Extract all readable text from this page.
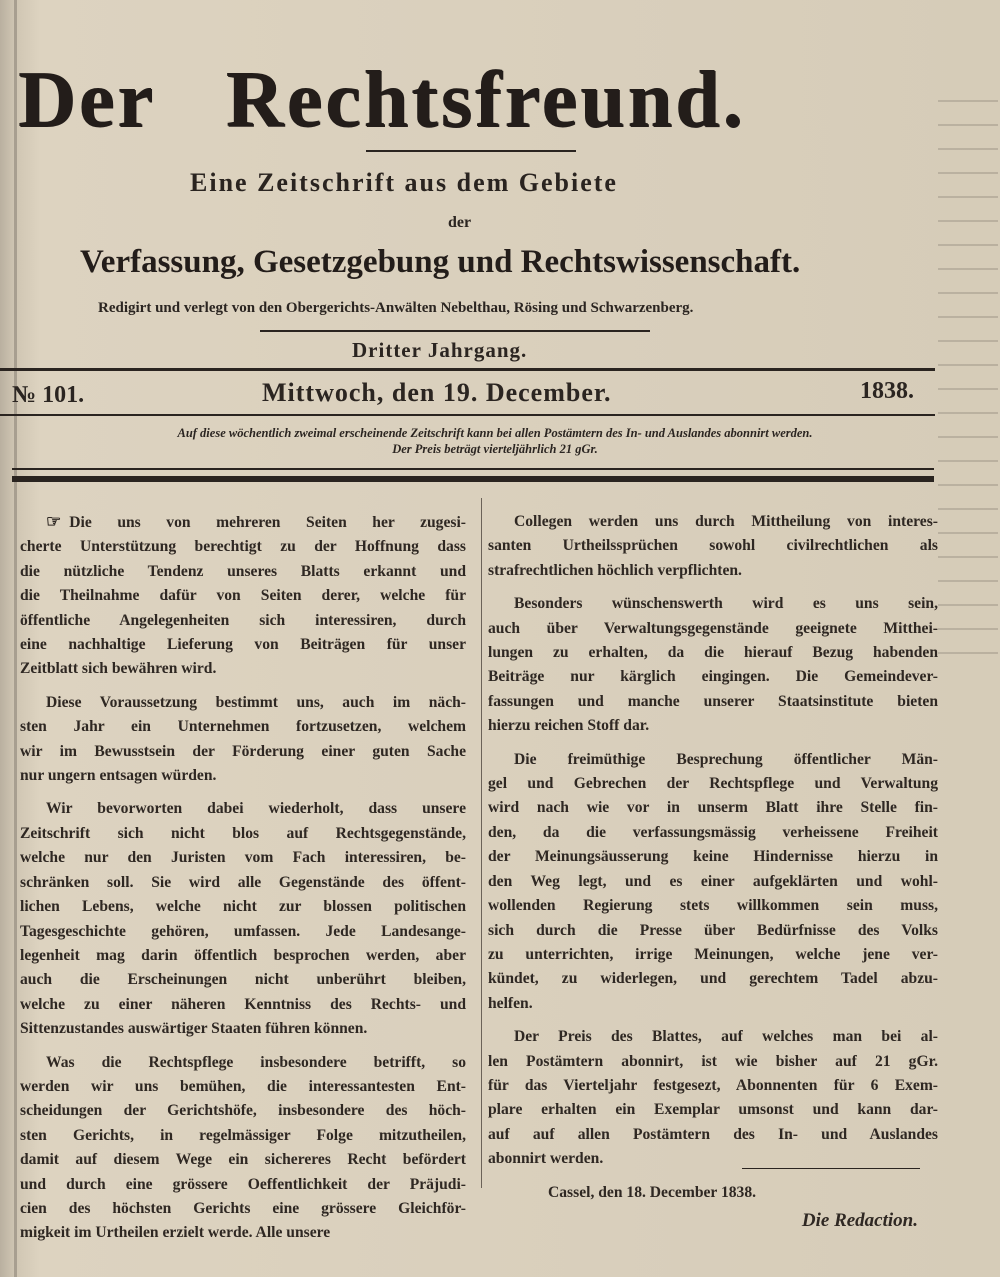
Der Rechtsfreund.
Eine Zeitschrift aus dem Gebiete
der
Verfassung, Gesetzgebung und Rechtswissenschaft.
Redigirt und verlegt von den Obergerichts-Anwälten Nebelthau, Rösing und Schwarzenberg.
Dritter Jahrgang.
№ 101.	Mittwoch, den 19. December.	1838.
Auf diese wöchentlich zweimal erscheinende Zeitschrift kann bei allen Postämtern des In- und Auslandes abonnirt werden.
Der Preis beträgt vierteljährlich 21 gGr.
☞ Die uns von mehreren Seiten her zugesi-
cherte Unterstützung berechtigt zu der Hoffnung dass
die nützliche Tendenz unseres Blatts erkannt und
die Theilnahme dafür von Seiten derer, welche für
öffentliche Angelegenheiten sich interessiren, durch
eine nachhaltige Lieferung von Beiträgen für unser
Zeitblatt sich bewähren wird.
Diese Voraussetzung bestimmt uns, auch im näch-
sten Jahr ein Unternehmen fortzusetzen, welchem
wir im Bewusstsein der Förderung einer guten Sache
nur ungern entsagen würden.
Wir bevorworten dabei wiederholt, dass unsere
Zeitschrift sich nicht blos auf Rechtsgegenstände,
welche nur den Juristen vom Fach interessiren, be-
schränken soll. Sie wird alle Gegenstände des öffent-
lichen Lebens, welche nicht zur blossen politischen
Tagesgeschichte gehören, umfassen. Jede Landesange-
legenheit mag darin öffentlich besprochen werden, aber
auch die Erscheinungen nicht unberührt bleiben,
welche zu einer näheren Kenntniss des Rechts- und
Sittenzustandes auswärtiger Staaten führen können.
Was die Rechtspflege insbesondere betrifft, so
werden wir uns bemühen, die interessantesten Ent-
scheidungen der Gerichtshöfe, insbesondere des höch-
sten Gerichts, in regelmässiger Folge mitzutheilen,
damit auf diesem Wege ein sichereres Recht befördert
und durch eine grössere Oeffentlichkeit der Präjudi-
cien des höchsten Gerichts eine grössere Gleichför-
migkeit im Urtheilen erzielt werde. Alle unsere
Collegen werden uns durch Mittheilung von interes-
santen Urtheilssprüchen sowohl civilrechtlichen als
strafrechtlichen höchlich verpflichten.
Besonders wünschenswerth wird es uns sein,
auch über Verwaltungsgegenstände geeignete Mitthei-
lungen zu erhalten, da die hierauf Bezug habenden
Beiträge nur kärglich eingingen. Die Gemeindever-
fassungen und manche unserer Staatsinstitute bieten
hierzu reichen Stoff dar.
Die freimüthige Besprechung öffentlicher Män-
gel und Gebrechen der Rechtspflege und Verwaltung
wird nach wie vor in unserm Blatt ihre Stelle fin-
den, da die verfassungsmässig verheissene Freiheit
der Meinungsäusserung keine Hindernisse hierzu in
den Weg legt, und es einer aufgeklärten und wohl-
wollenden Regierung stets willkommen sein muss,
sich durch die Presse über Bedürfnisse des Volks
zu unterrichten, irrige Meinungen, welche jene ver-
kündet, zu widerlegen, und gerechtem Tadel abzu-
helfen.
Der Preis des Blattes, auf welches man bei al-
len Postämtern abonnirt, ist wie bisher auf 21 gGr.
für das Vierteljahr festgesezt, Abonnenten für 6 Exem-
plare erhalten ein Exemplar umsonst und kann dar-
auf auf allen Postämtern des In- und Auslandes
abonnirt werden.
Cassel, den 18. December 1838.
Die Redaction.
